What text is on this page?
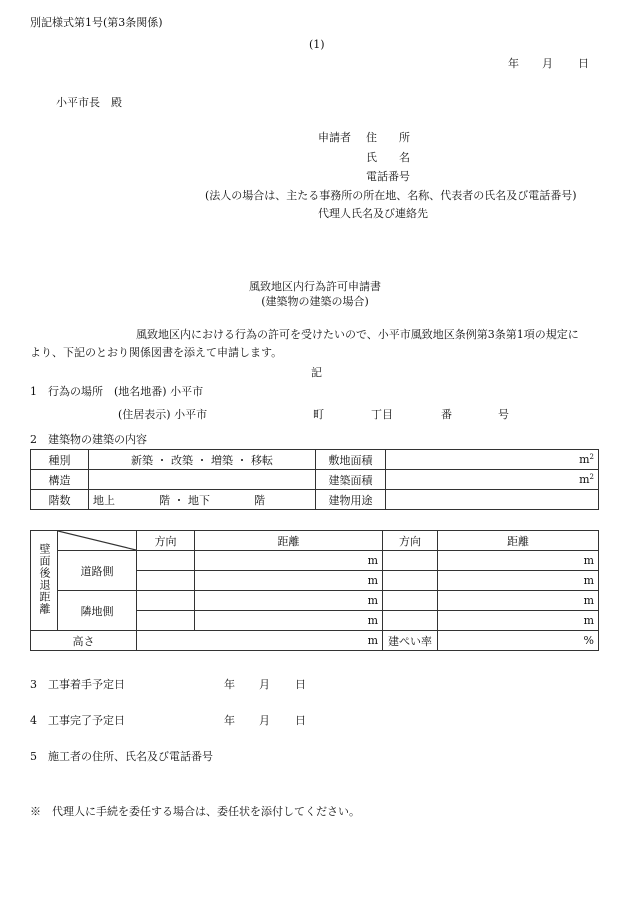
別記様式第1号(第3条関係)
(1)
年 月 日
小平市長　殿
申請者 住　　所
氏　　名
電話番号
(法人の場合は、主たる事務所の所在地、名称、代表者の氏名及び電話番号)
代理人氏名及び連絡先
風致地区内行為許可申請書
(建築物の建築の場合)
風致地区内における行為の許可を受けたいので、小平市風致地区条例第3条第1項の規定に
より、下記のとおり関係図書を添えて申請します。
記
1　行為の場所　(地名地番) 小平市
(住居表示) 小平市	町	丁目	番	号
2　建築物の建築の内容
種別	新築 ・ 改築 ・ 増築 ・ 移転	敷地面積	$m^2$
構造		建築面積	$m^2$
階数	地上　　　　階 ・ 地下　　　　階	建物用途	
壁面後退距離		方向	距離	方向	距離
	道路側		m		m
			m		m
	隣地側		m		m
			m		m
高さ		m		建ぺい率	%
3　工事着手予定日	年 月 日
4　工事完了予定日	年 月 日
5　施工者の住所、氏名及び電話番号
※　代理人に手続を委任する場合は、委任状を添付してください。
